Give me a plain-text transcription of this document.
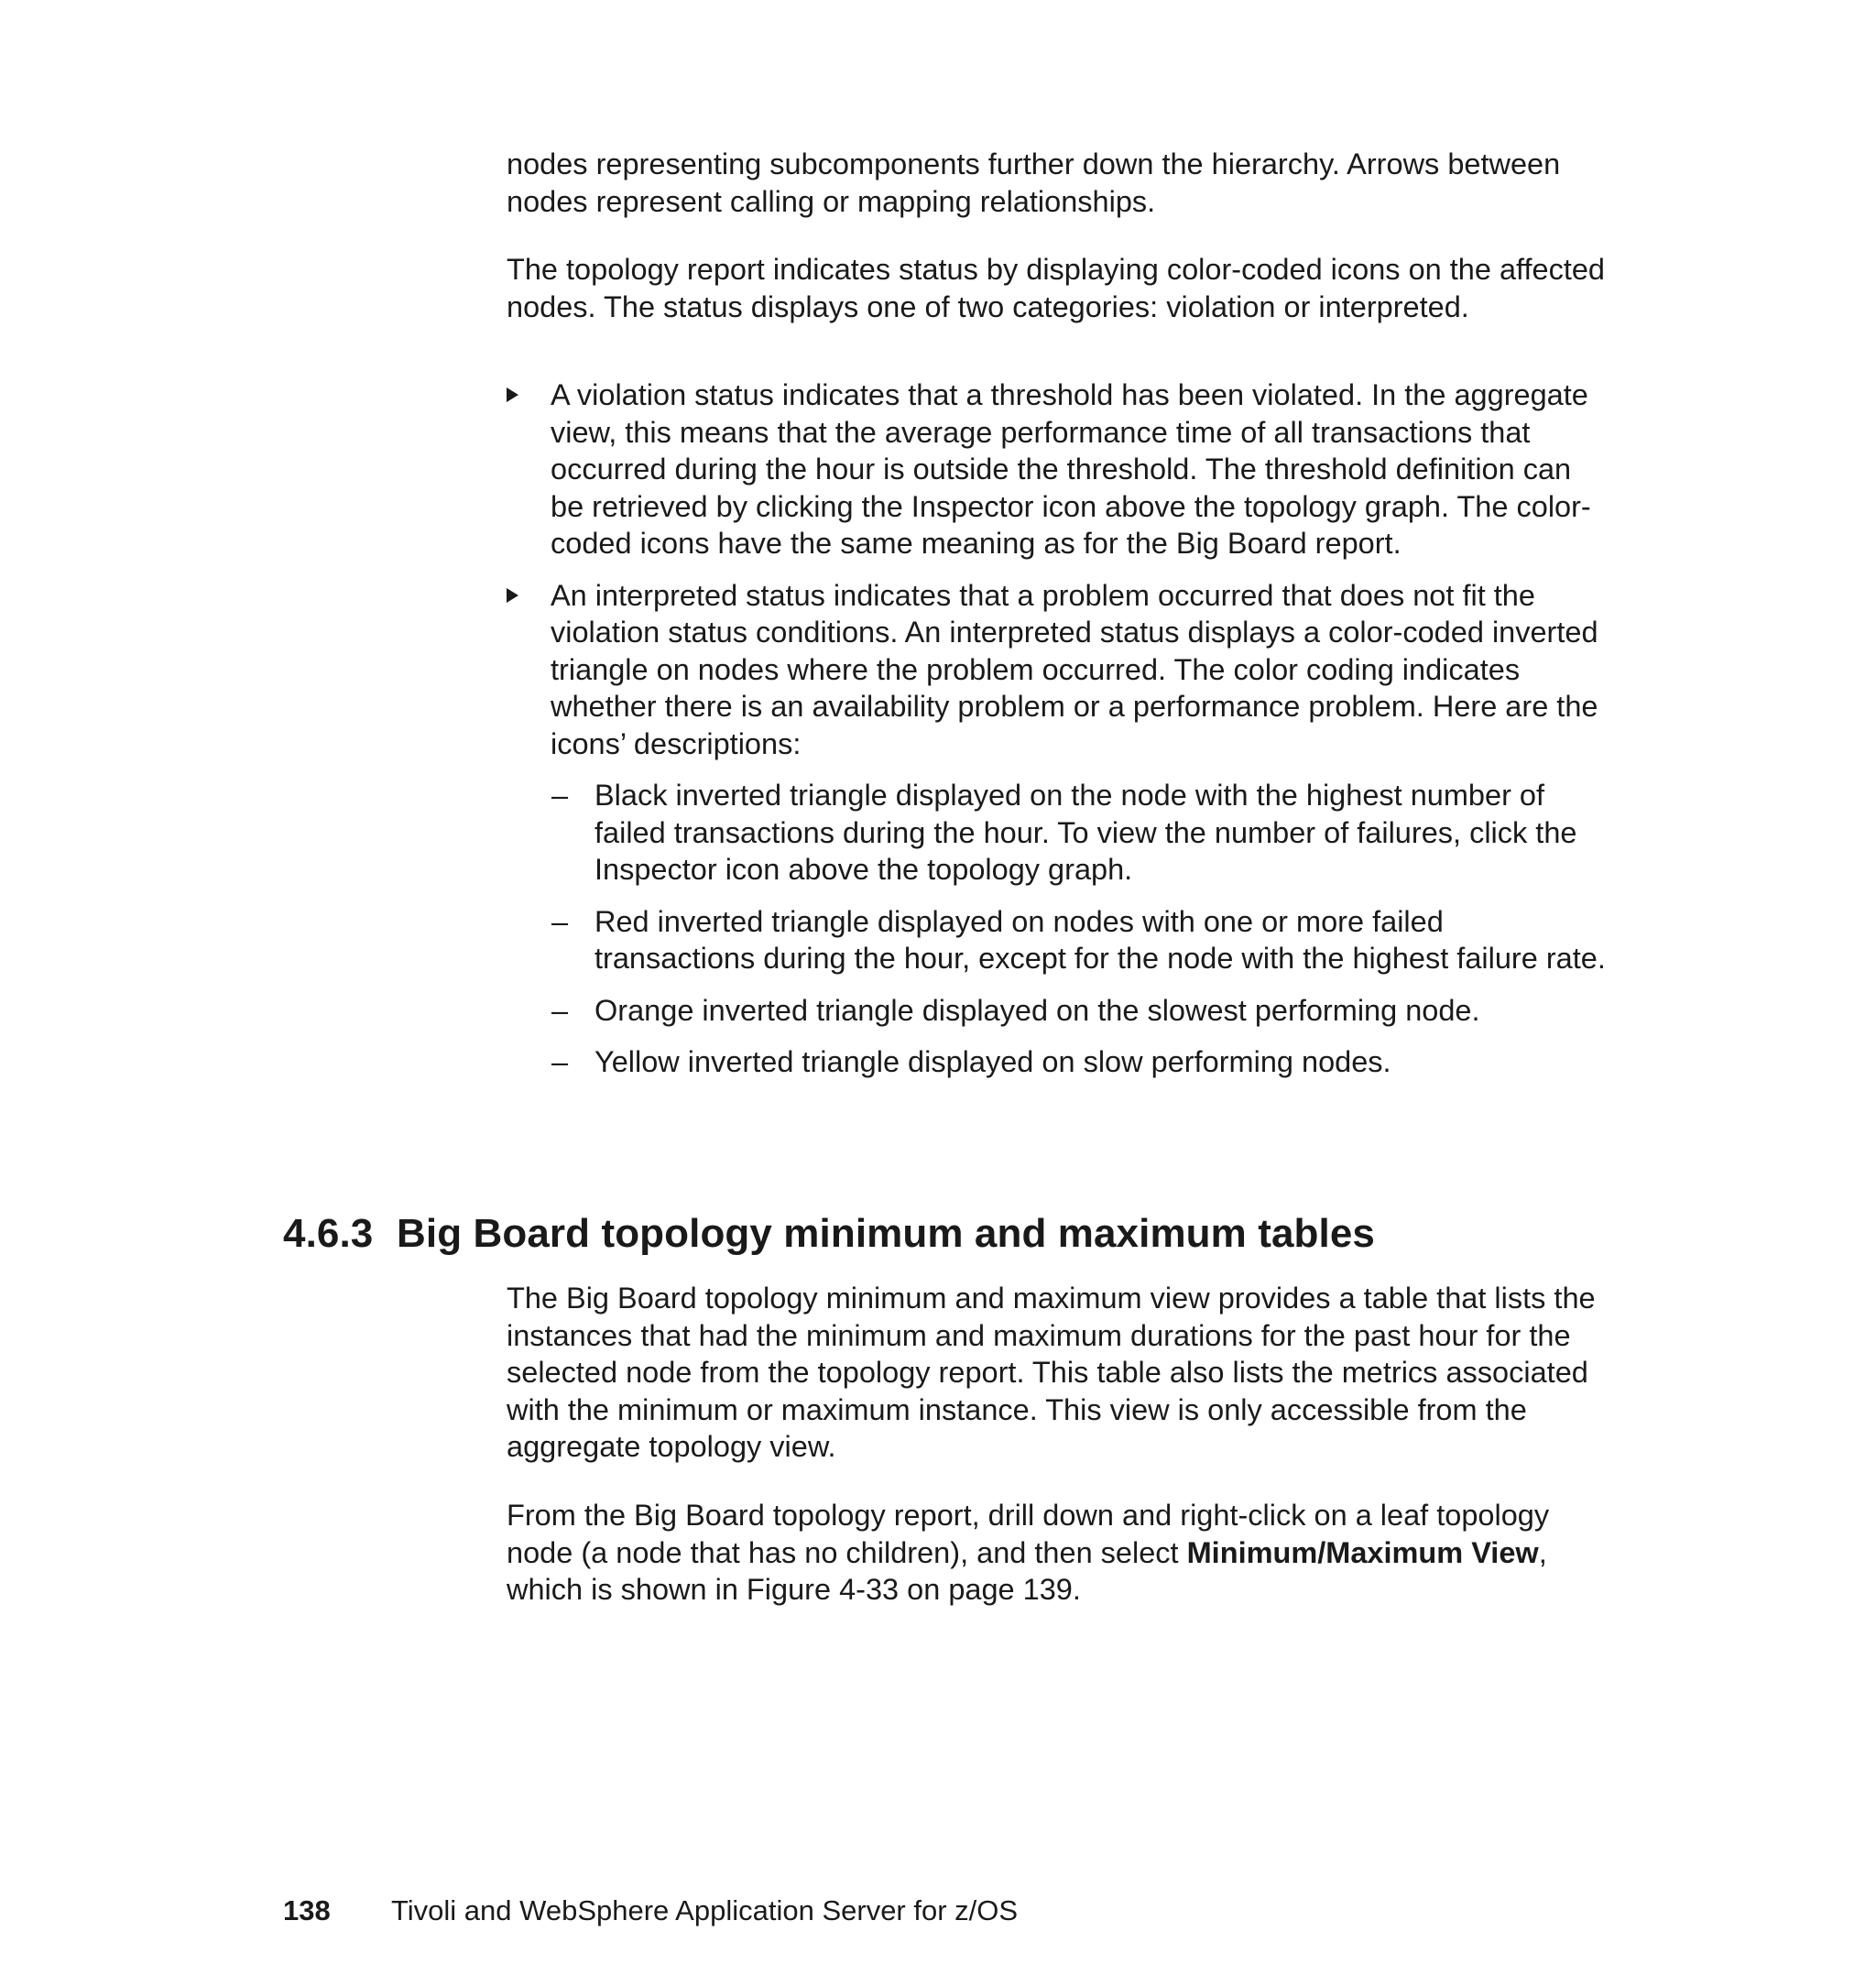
nodes representing subcomponents further down the hierarchy. Arrows between nodes represent calling or mapping relationships.

The topology report indicates status by displaying color-coded icons on the affected nodes. The status displays one of two categories: violation or interpreted.

A violation status indicates that a threshold has been violated. In the aggregate view, this means that the average performance time of all transactions that occurred during the hour is outside the threshold. The threshold definition can be retrieved by clicking the Inspector icon above the topology graph. The color-coded icons have the same meaning as for the Big Board report.
An interpreted status indicates that a problem occurred that does not fit the violation status conditions. An interpreted status displays a color-coded inverted triangle on nodes where the problem occurred. The color coding indicates whether there is an availability problem or a performance problem. Here are the icons’ descriptions:
– Black inverted triangle displayed on the node with the highest number of failed transactions during the hour. To view the number of failures, click the Inspector icon above the topology graph.
– Red inverted triangle displayed on nodes with one or more failed transactions during the hour, except for the node with the highest failure rate.
– Orange inverted triangle displayed on the slowest performing node.
– Yellow inverted triangle displayed on slow performing nodes.
4.6.3 Big Board topology minimum and maximum tables

The Big Board topology minimum and maximum view provides a table that lists the instances that had the minimum and maximum durations for the past hour for the selected node from the topology report. This table also lists the metrics associated with the minimum or maximum instance. This view is only accessible from the aggregate topology view.

From the Big Board topology report, drill down and right-click on a leaf topology node (a node that has no children), and then select Minimum/Maximum View, which is shown in Figure 4-33 on page 139.

138 Tivoli and WebSphere Application Server for z/OS
